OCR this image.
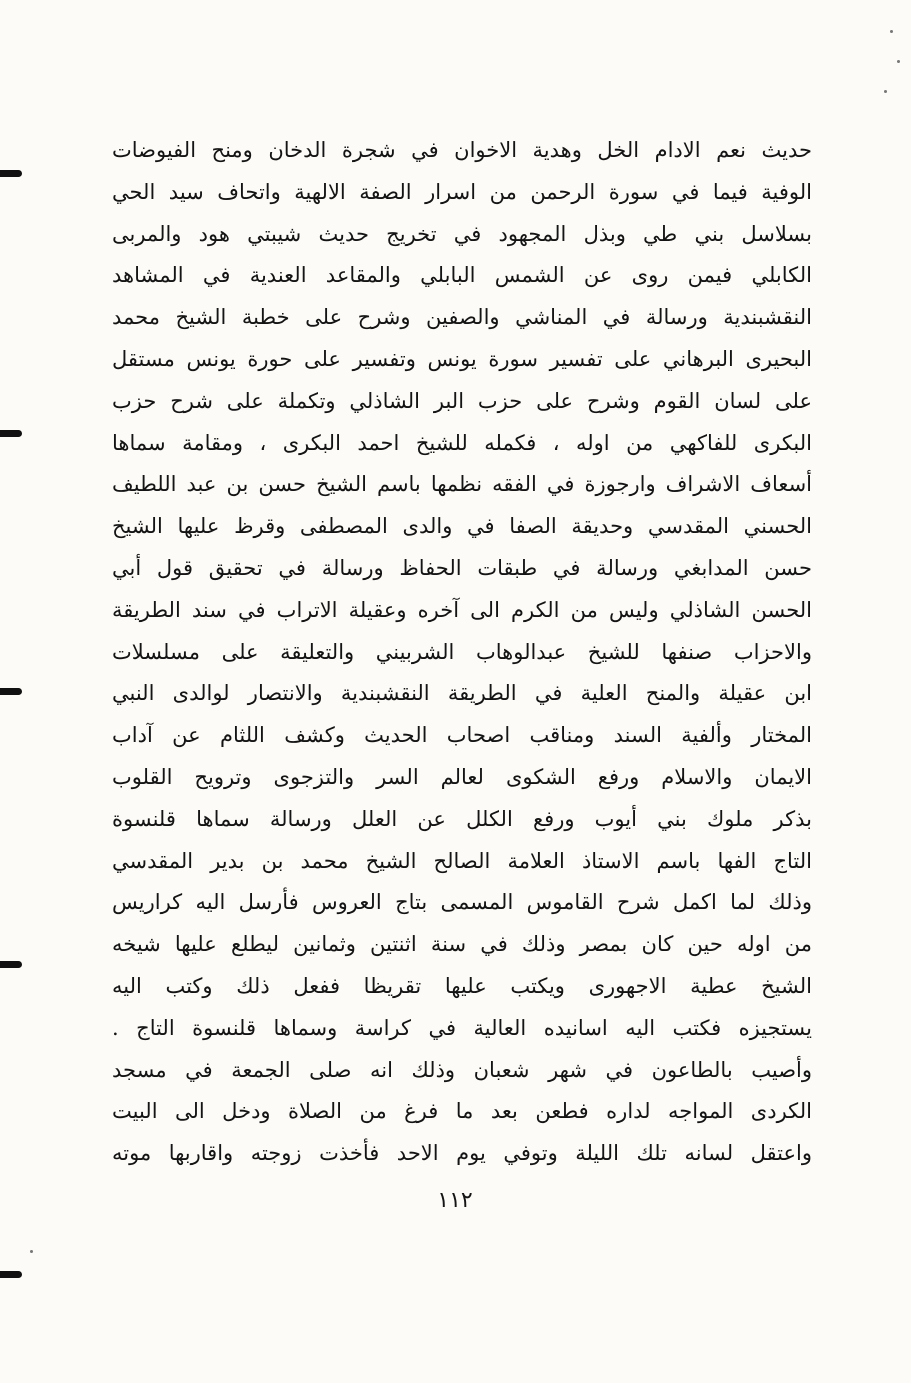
حديث نعم الادام الخل وهدية الاخوان في شجرة الدخان ومنح الفيوضات
الوفية فيما في سورة الرحمن من اسرار الصفة الالهية واتحاف سيد الحي
بسلاسل بني طي وبذل المجهود في تخريج حديث شيبتي هود والمربى
الكابلي فيمن روى عن الشمس البابلي والمقاعد العندية في المشاهد
النقشبندية ورسالة في المناشي والصفين وشرح على خطبة الشيخ محمد
البحيرى البرهاني على تفسير سورة يونس وتفسير على حورة يونس مستقل
على لسان القوم وشرح على حزب البر الشاذلي وتكملة على شرح حزب
البكرى للفاكهي من اوله ، فكمله للشيخ احمد البكرى ، ومقامة سماها
أسعاف الاشراف وارجوزة في الفقه نظمها باسم الشيخ حسن بن عبد اللطيف
الحسني المقدسي وحديقة الصفا في والدى المصطفى وقرظ عليها الشيخ
حسن المدابغي ورسالة في طبقات الحفاظ ورسالة في تحقيق قول أبي
الحسن الشاذلي وليس من الكرم الى آخره وعقيلة الاتراب في سند الطريقة
والاحزاب صنفها للشيخ عبدالوهاب الشربيني والتعليقة على مسلسلات
ابن عقيلة والمنح العلية في الطريقة النقشبندية والانتصار لوالدى النبي
المختار وألفية السند ومناقب اصحاب الحديث وكشف اللثام عن آداب
الايمان والاسلام ورفع الشكوى لعالم السر والتزجوى وترويح القلوب
بذكر ملوك بني أيوب ورفع الكلل عن العلل ورسالة سماها قلنسوة
التاج الفها باسم الاستاذ العلامة الصالح الشيخ محمد بن بدير المقدسي
وذلك لما اكمل شرح القاموس المسمى بتاج العروس فأرسل اليه كراريس
من اوله حين كان بمصر وذلك في سنة اثنتين وثمانين ليطلع عليها شيخه
الشيخ عطية الاجهورى ويكتب عليها تقريظا ففعل ذلك وكتب اليه
يستجيزه فكتب اليه اسانيده العالية في كراسة وسماها قلنسوة التاج .
وأصيب بالطاعون في شهر شعبان وذلك انه صلى الجمعة في مسجد
الكردى المواجه لداره فطعن بعد ما فرغ من الصلاة ودخل الى البيت
واعتقل لسانه تلك الليلة وتوفي يوم الاحد فأخذت زوجته واقاربها موته
١١٢
